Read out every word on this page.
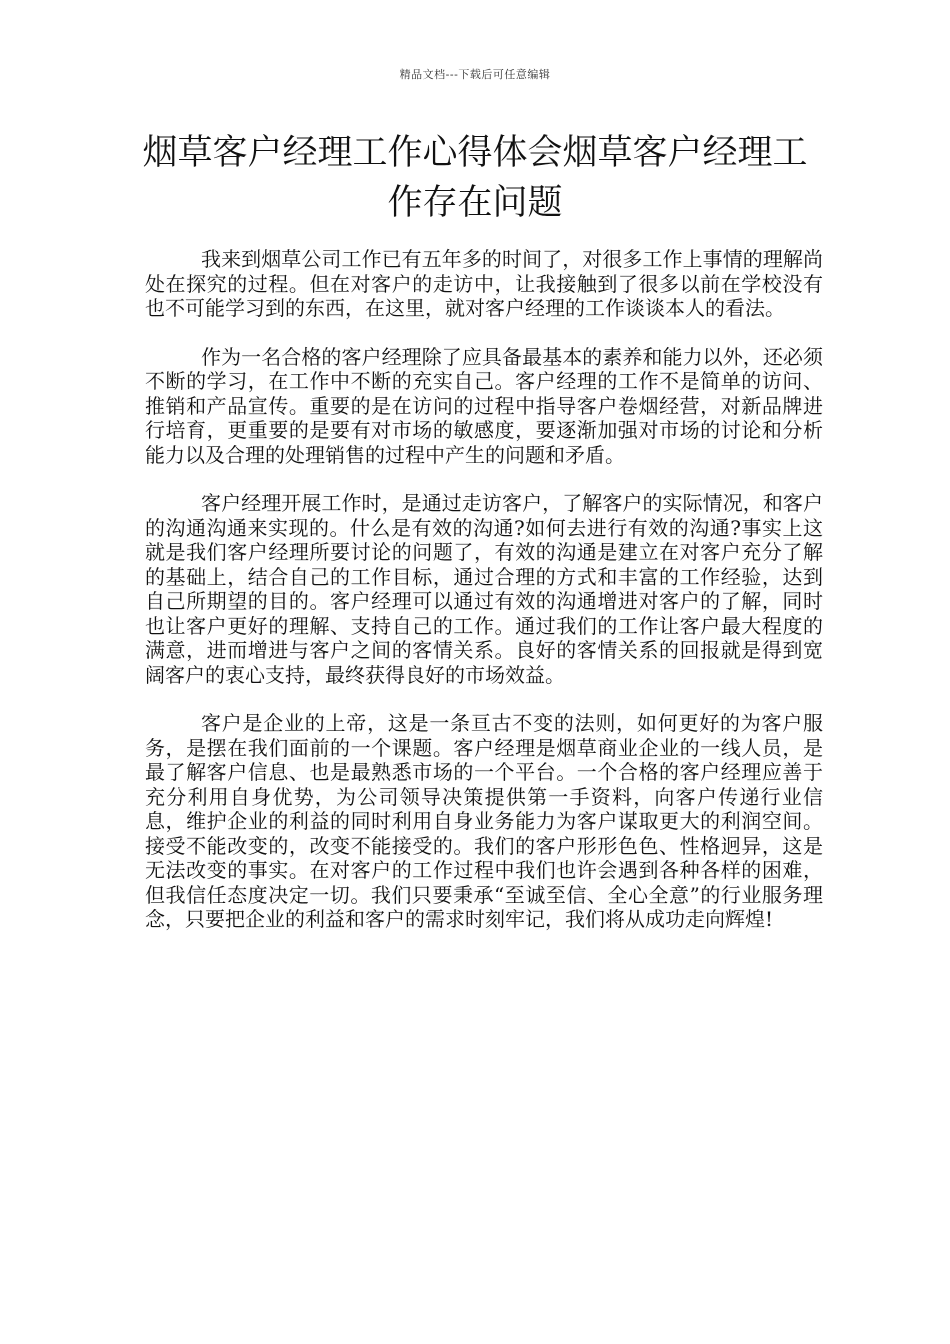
精品文档---下载后可任意编辑
烟草客户经理工作心得体会烟草客户经理工作存在问题

我来到烟草公司工作已有五年多的时间了，对很多工作上事情的理解尚处在探究的过程。但在对客户的走访中，让我接触到了很多以前在学校没有也不可能学习到的东西，在这里，就对客户经理的工作谈谈本人的看法。

作为一名合格的客户经理除了应具备最基本的素养和能力以外，还必须不断的学习，在工作中不断的充实自己。客户经理的工作不是简单的访问、推销和产品宣传。重要的是在访问的过程中指导客户卷烟经营，对新品牌进行培育，更重要的是要有对市场的敏感度，要逐渐加强对市场的讨论和分析能力以及合理的处理销售的过程中产生的问题和矛盾。

客户经理开展工作时，是通过走访客户，了解客户的实际情况，和客户的沟通沟通来实现的。什么是有效的沟通?如何去进行有效的沟通?事实上这就是我们客户经理所要讨论的问题了，有效的沟通是建立在对客户充分了解的基础上，结合自己的工作目标，通过合理的方式和丰富的工作经验，达到自己所期望的目的。客户经理可以通过有效的沟通增进对客户的了解，同时也让客户更好的理解、支持自己的工作。通过我们的工作让客户最大程度的满意，进而增进与客户之间的客情关系。良好的客情关系的回报就是得到宽阔客户的衷心支持，最终获得良好的市场效益。

客户是企业的上帝，这是一条亘古不变的法则，如何更好的为客户服务，是摆在我们面前的一个课题。客户经理是烟草商业企业的一线人员，是最了解客户信息、也是最熟悉市场的一个平台。一个合格的客户经理应善于充分利用自身优势，为公司领导决策提供第一手资料，向客户传递行业信息，维护企业的利益的同时利用自身业务能力为客户谋取更大的利润空间。接受不能改变的，改变不能接受的。我们的客户形形色色、性格迥异，这是无法改变的事实。在对客户的工作过程中我们也许会遇到各种各样的困难，但我信任态度决定一切。我们只要秉承“至诚至信、全心全意”的行业服务理念，只要把企业的利益和客户的需求时刻牢记，我们将从成功走向辉煌!
